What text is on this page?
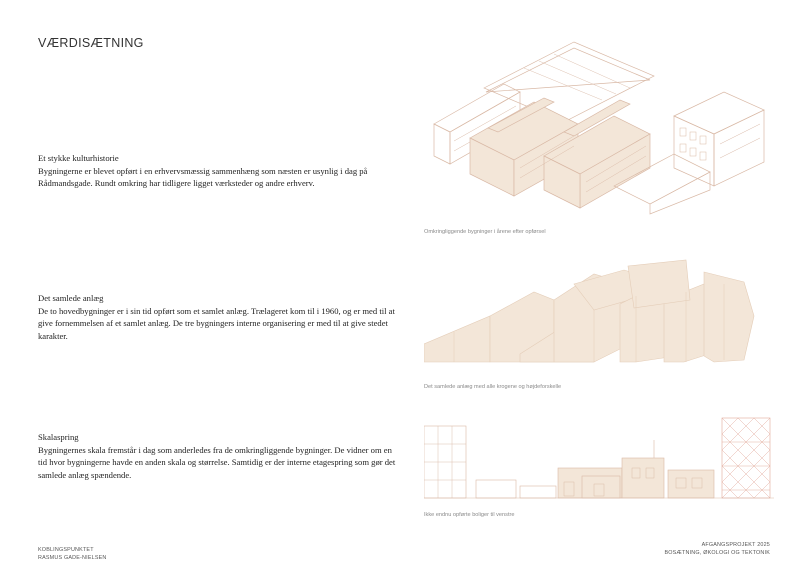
VÆRDISÆTNING
Et stykke kulturhistorie
Bygningerne er blevet opført i en erhvervsmæssig sammenhæng som næsten er usynlig i dag på Rådmandsgade. Rundt omkring har tidligere ligget værksteder og andre erhverv.
Det samlede anlæg
De to hovedbygninger er i sin tid opført som et samlet anlæg. Trælageret kom til i 1960, og er med til at give fornemmelsen af et samlet anlæg. De tre bygningers interne organisering er med til at give stedet karakter.
Skalaspring
Bygningernes skala fremstår i dag som anderledes fra de omkringliggende bygninger. De vidner om en tid hvor bygningerne havde en anden skala og størrelse. Samtidig er der interne etagespring som gør det samlede anlæg spændende.
Omkringliggende bygninger i årene efter opførsel
Det samlede anlæg med alle krogene og højdeforskelle
Ikke endnu opførte boliger til venstre
KOBLINGSPUNKTET
RASMUS GADE-NIELSEN
AFGANGSPROJEKT 2025
BOSÆTNING, ØKOLOGI OG TEKTONIK
